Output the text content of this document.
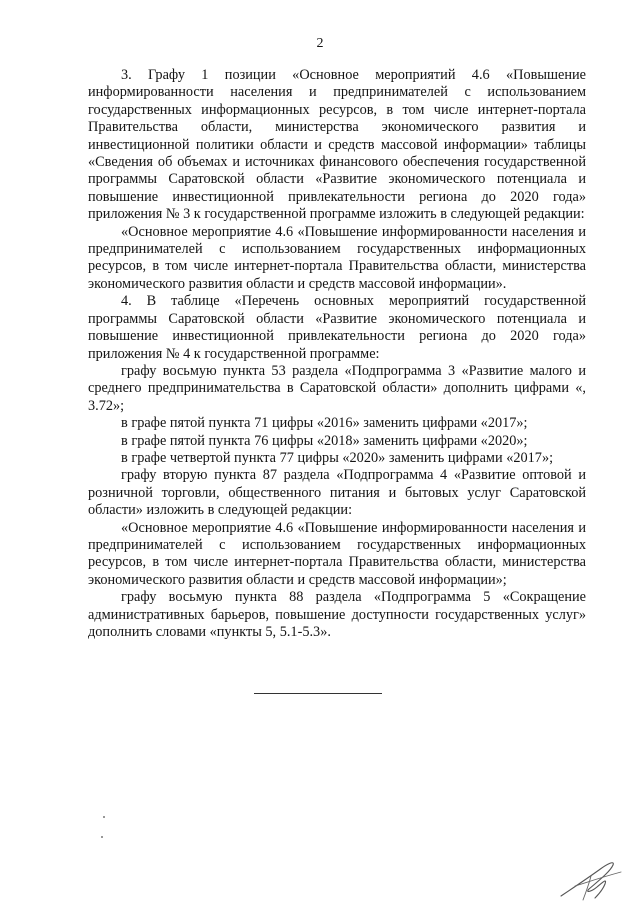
2

3. Графу 1 позиции «Основное мероприятий 4.6 «Повышение информированности населения и предпринимателей с использованием государственных информационных ресурсов, в том числе интернет-портала Правительства области, министерства экономического развития и инвестиционной политики области и средств массовой информации» таблицы «Сведения об объемах и источниках финансового обеспечения государственной программы Саратовской области «Развитие экономического потенциала и повышение инвестиционной привлекательности региона до 2020 года» приложения № 3 к государственной программе изложить в следующей редакции:

«Основное мероприятие 4.6 «Повышение информированности населения и предпринимателей с использованием государственных информационных ресурсов, в том числе интернет-портала Правительства области, министерства экономического развития области и средств массовой информации».

4. В таблице «Перечень основных мероприятий государственной программы Саратовской области «Развитие экономического потенциала и повышение инвестиционной привлекательности региона до 2020 года» приложения № 4 к государственной программе:

графу восьмую пункта 53 раздела «Подпрограмма 3 «Развитие малого и среднего предпринимательства в Саратовской области» дополнить цифрами «, 3.72»;

в графе пятой пункта 71 цифры «2016» заменить цифрами «2017»;

в графе пятой пункта 76 цифры «2018» заменить цифрами «2020»;

в графе четвертой пункта 77 цифры «2020» заменить цифрами «2017»;

графу вторую пункта 87 раздела «Подпрограмма 4 «Развитие оптовой и розничной торговли, общественного питания и бытовых услуг Саратовской области» изложить в следующей редакции:

«Основное мероприятие 4.6 «Повышение информированности населения и предпринимателей с использованием государственных информационных ресурсов, в том числе интернет-портала Правительства области, министерства экономического развития области и средств массовой информации»;

графу восьмую пункта 88 раздела «Подпрограмма 5 «Сокращение административных барьеров, повышение доступности государственных услуг» дополнить словами «пункты 5, 5.1-5.3».
